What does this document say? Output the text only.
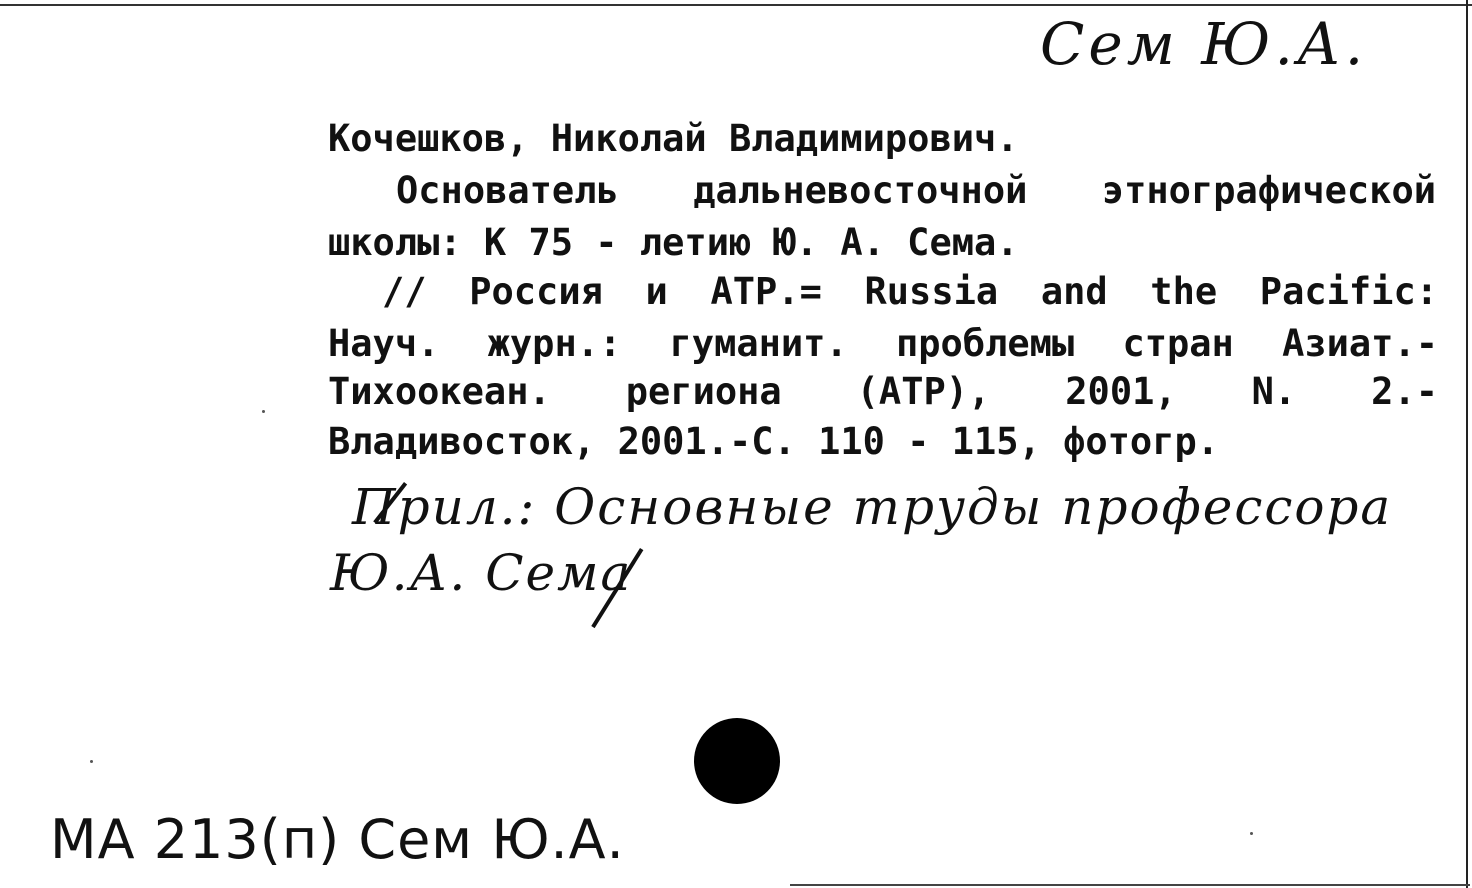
Сем Ю.А.
Кочешков, Николай Владимирович.
Основатель дальневосточной этнографической
школы: К 75 - летию Ю. А. Сема.
// Россия и АТР.= Russia and the Pacific:
Науч. журн.: гуманит. проблемы стран Азиат.-
Тихоокеан. региона (АТР), 2001, N. 2.-
Владивосток, 2001.-С. 110 - 115, фотогр.
Прил.: Основные труды профессора
Ю.А. Сема
МА 213(п) Сем Ю.А.
